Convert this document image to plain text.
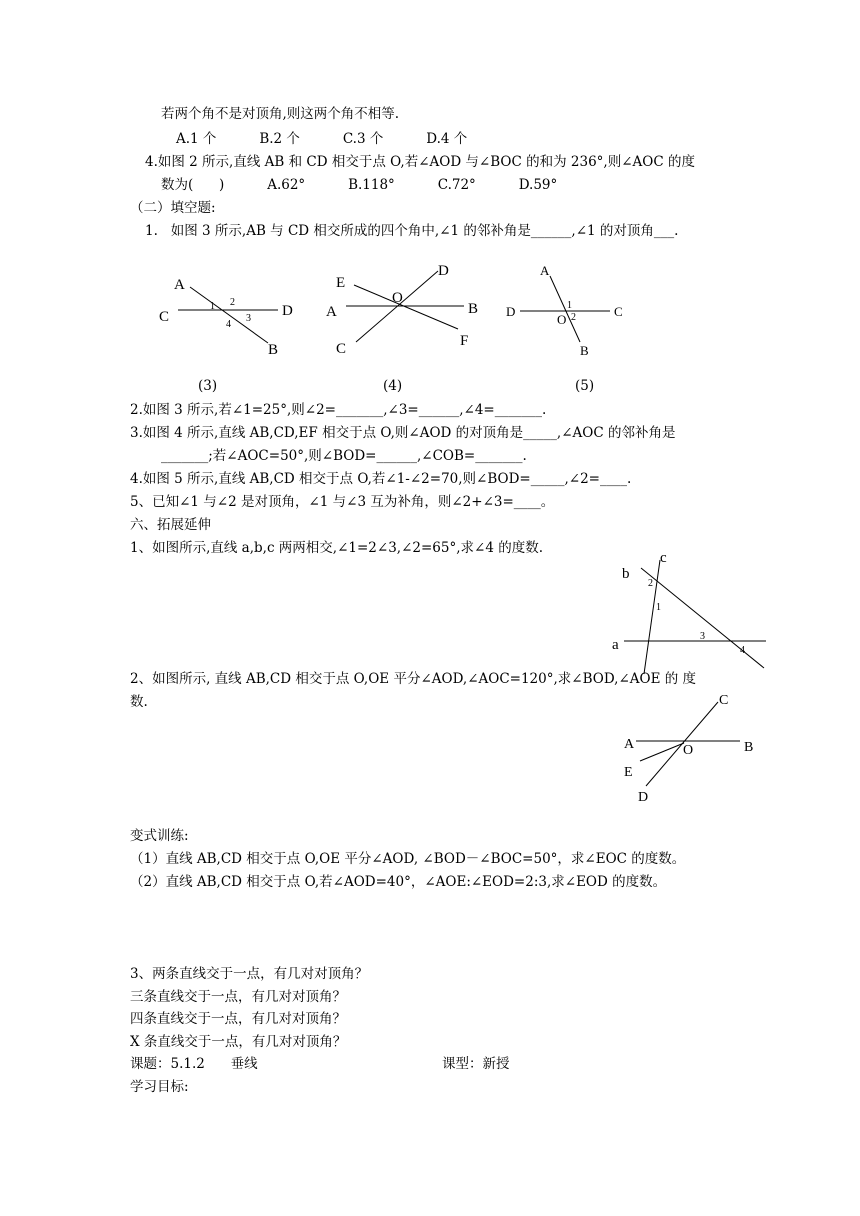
若两个角不是对顶角,则这两个角不相等.
A.1 个          B.2 个          C.3 个          D.4 个
4.如图 2 所示,直线 AB 和 CD 相交于点 O,若∠AOD 与∠BOC 的和为 236°,则∠AOC 的度
数为(      )          A.62°          B.118°          C.72°          D.59°
（二）填空题:
1.   如图 3 所示,AB 与 CD 相交所成的四个角中,∠1 的邻补角是______,∠1 的对顶角___.
A
C	D
B
1 2
3
4
E
D
O
A	B
C	F
A
D	C
B
O
1
2
(3)	(4)	(5)
2.如图 3 所示,若∠1=25°,则∠2=_______,∠3=______,∠4=_______.
3.如图 4 所示,直线 AB,CD,EF 相交于点 O,则∠AOD 的对顶角是_____,∠AOC 的邻补角是
_______;若∠AOC=50°,则∠BOD=______,∠COB=_______.
4.如图 5 所示,直线 AB,CD 相交于点 O,若∠1-∠2=70,则∠BOD=_____,∠2=____.
5、已知∠1 与∠2 是对顶角，∠1 与∠3 互为补角，则∠2+∠3=____。
六、拓展延伸
1、如图所示,直线 a,b,c 两两相交,∠1=2∠3,∠2=65°,求∠4 的度数.
c
b
a
2
1
3
4
2、如图所示, 直线 AB,CD 相交于点 O,OE 平分∠AOD,∠AOC=120°,求∠BOD,∠AOE 的 度
数.	C
A	B
O
E
D
变式训练:
（1）直线 AB,CD 相交于点 O,OE 平分∠AOD, ∠BOD－∠BOC=50°，求∠EOC 的度数。
（2）直线 AB,CD 相交于点 O,若∠AOD=40°，∠AOE:∠EOD=2:3,求∠EOD 的度数。
3、两条直线交于一点，有几对对顶角？
三条直线交于一点，有几对对顶角？
四条直线交于一点，有几对对顶角？
X 条直线交于一点，有几对对顶角？
课题：5.1.2      垂线	课型：新授
学习目标:
